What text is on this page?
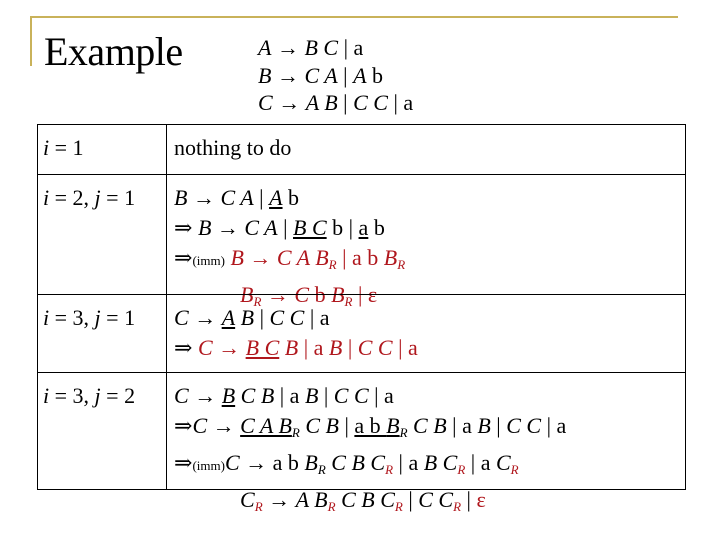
Example	A → B C | a
B → C A | A b
C → A B | C C | a
i = 1	nothing to do
i = 2, j = 1 B → C A | A b
⇒ B → C A | B C b | a b
⇒(imm) B → C A $B_R$ | a b $B_R$
$B_R \to C$ b $B_R$ | ε
i = 3, j = 1 C → A B | C C | a
⇒ C → B C B | a B | C C | a
i = 3, j = 2 C → B C B | a B | C C | a
⇒C → C A $B_R$ C B | a b $B_R$ C B | a B | C C | a
⇒(imm)C → a b $B_R$ C B $C_R$ | a B $C_R$ | a $C_R$
$C_R \to A$ $B_R$ C B $C_R$ | C $C_R$ | ε
